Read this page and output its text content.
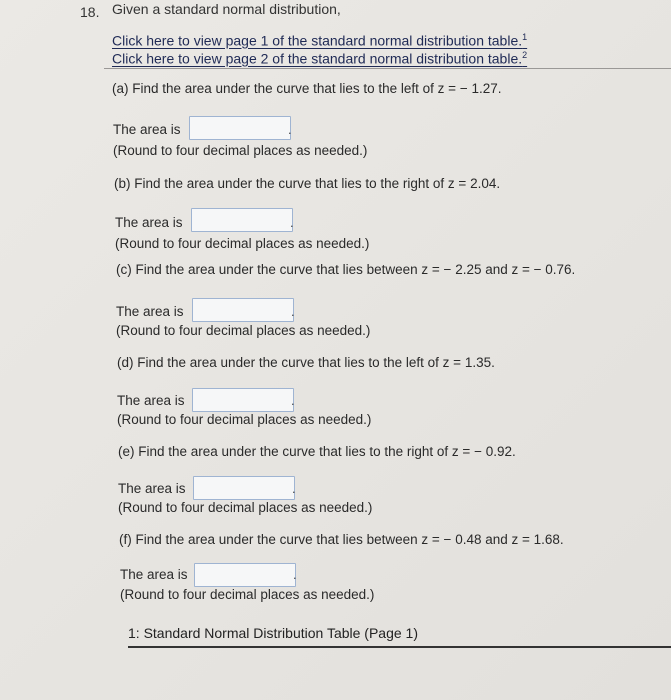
18. Given a standard normal distribution,
Click here to view page 1 of the standard normal distribution table.$^1$
Click here to view page 2 of the standard normal distribution table.$^2$
(a) Find the area under the curve that lies to the left of z = − 1.27.
The area is	.
(Round to four decimal places as needed.)
(b) Find the area under the curve that lies to the right of z = 2.04.
The area is	.
(Round to four decimal places as needed.)
(c) Find the area under the curve that lies between z = − 2.25 and z = − 0.76.
The area is	.
(Round to four decimal places as needed.)
(d) Find the area under the curve that lies to the left of z = 1.35.
The area is	.
(Round to four decimal places as needed.)
(e) Find the area under the curve that lies to the right of z = − 0.92.
The area is	.
(Round to four decimal places as needed.)
(f) Find the area under the curve that lies between z = − 0.48 and z = 1.68.
The area is	.
(Round to four decimal places as needed.)
1: Standard Normal Distribution Table (Page 1)
